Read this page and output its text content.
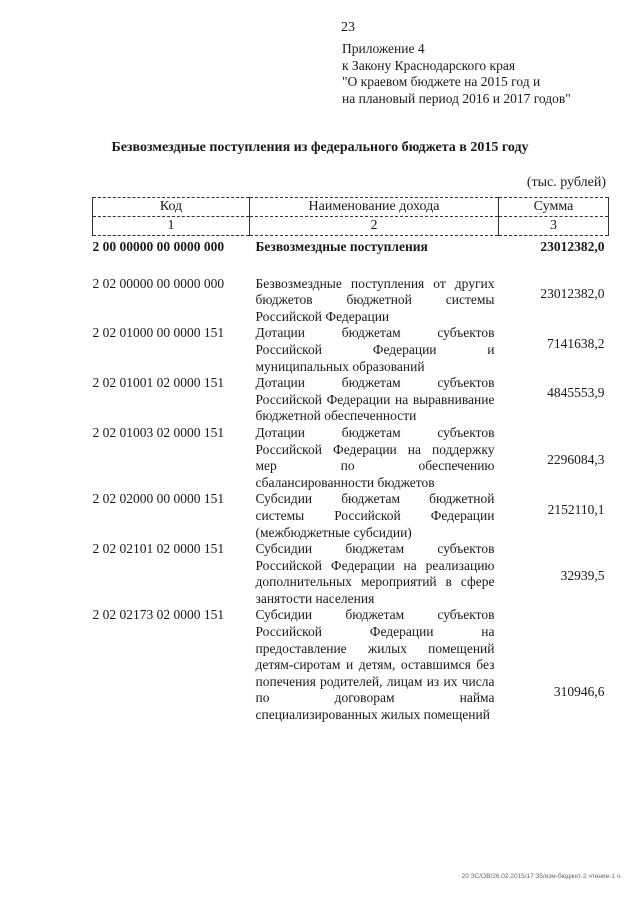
23
Приложение 4
к Закону Краснодарского края
"О краевом бюджете на 2015 год и
на плановый период 2016 и 2017 годов"
Безвозмездные поступления из федерального бюджета в 2015 году
(тыс. рублей)
Код	Наименование дохода	Сумма
1	2	3
2 00 00000 00 0000 000	Безвозмездные поступления	23012382,0
2 02 00000 00 0000 000	Безвозмездные поступления от других бюджетов бюджетной системы Российской Федерации	23012382,0
2 02 01000 00 0000 151	Дотации бюджетам субъектов Российской Федерации и муниципальных образований	7141638,2
2 02 01001 02 0000 151	Дотации бюджетам субъектов Российской Федерации на выравнивание бюджетной обеспеченности	4845553,9
2 02 01003 02 0000 151	Дотации бюджетам субъектов Российской Федерации на поддержку мер по обеспечению сбалансированности бюджетов	2296084,3
2 02 02000 00 0000 151	Субсидии бюджетам бюджетной системы Российской Федерации (межбюджетные субсидии)	2152110,1
2 02 02101 02 0000 151	Субсидии бюджетам субъектов Российской Федерации на реализацию дополнительных мероприятий в сфере занятости населения	32939,5
2 02 02173 02 0000 151	Субсидии бюджетам субъектов Российской Федерации на предоставление жилых помещений детям-сиротам и детям, оставшимся без попечения родителей, лицам из их числа по договорам найма специализированных жилых помещений	310946,6
20 ЗС/ОВ/26.02.2015/17:35/изм-бюджет-2 чтение-1 ч.
